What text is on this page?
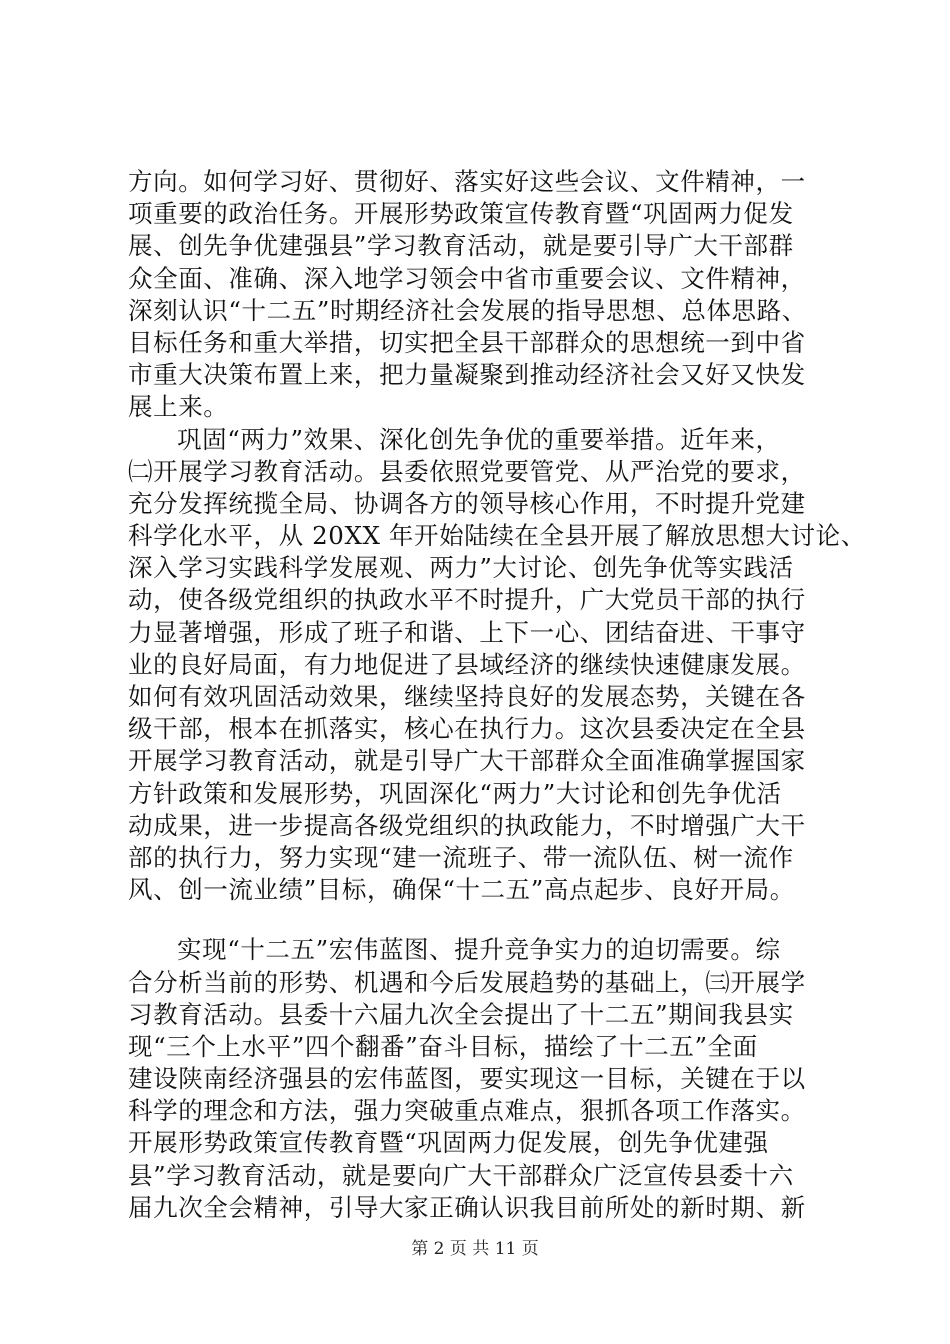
方向。如何学习好、贯彻好、落实好这些会议、文件精神，一
项重要的政治任务。开展形势政策宣传教育暨“巩固两力促发
展、创先争优建强县”学习教育活动，就是要引导广大干部群
众全面、准确、深入地学习领会中省市重要会议、文件精神，
深刻认识“十二五”时期经济社会发展的指导思想、总体思路、
目标任务和重大举措，切实把全县干部群众的思想统一到中省
市重大决策布置上来，把力量凝聚到推动经济社会又好又快发
展上来。
巩固“两力”效果、深化创先争优的重要举措。近年来，
㈡开展学习教育活动。县委依照党要管党、从严治党的要求，
充分发挥统揽全局、协调各方的领导核心作用，不时提升党建
科学化水平，从 20XX 年开始陆续在全县开展了解放思想大讨论、
深入学习实践科学发展观、两力”大讨论、创先争优等实践活
动，使各级党组织的执政水平不时提升，广大党员干部的执行
力显著增强，形成了班子和谐、上下一心、团结奋进、干事守
业的良好局面，有力地促进了县域经济的继续快速健康发展。
如何有效巩固活动效果，继续坚持良好的发展态势，关键在各
级干部，根本在抓落实，核心在执行力。这次县委决定在全县
开展学习教育活动，就是引导广大干部群众全面准确掌握国家
方针政策和发展形势，巩固深化“两力”大讨论和创先争优活
动成果，进一步提高各级党组织的执政能力，不时增强广大干
部的执行力，努力实现“建一流班子、带一流队伍、树一流作
风、创一流业绩”目标，确保“十二五”高点起步、良好开局。
实现“十二五”宏伟蓝图、提升竞争实力的迫切需要。综
合分析当前的形势、机遇和今后发展趋势的基础上，㈢开展学
习教育活动。县委十六届九次全会提出了十二五”期间我县实
现“三个上水平”四个翻番”奋斗目标，描绘了十二五”全面
建设陕南经济强县的宏伟蓝图，要实现这一目标，关键在于以
科学的理念和方法，强力突破重点难点，狠抓各项工作落实。
开展形势政策宣传教育暨“巩固两力促发展，创先争优建强
县”学习教育活动，就是要向广大干部群众广泛宣传县委十六
届九次全会精神，引导大家正确认识我目前所处的新时期、新
第 2 页 共 11 页
